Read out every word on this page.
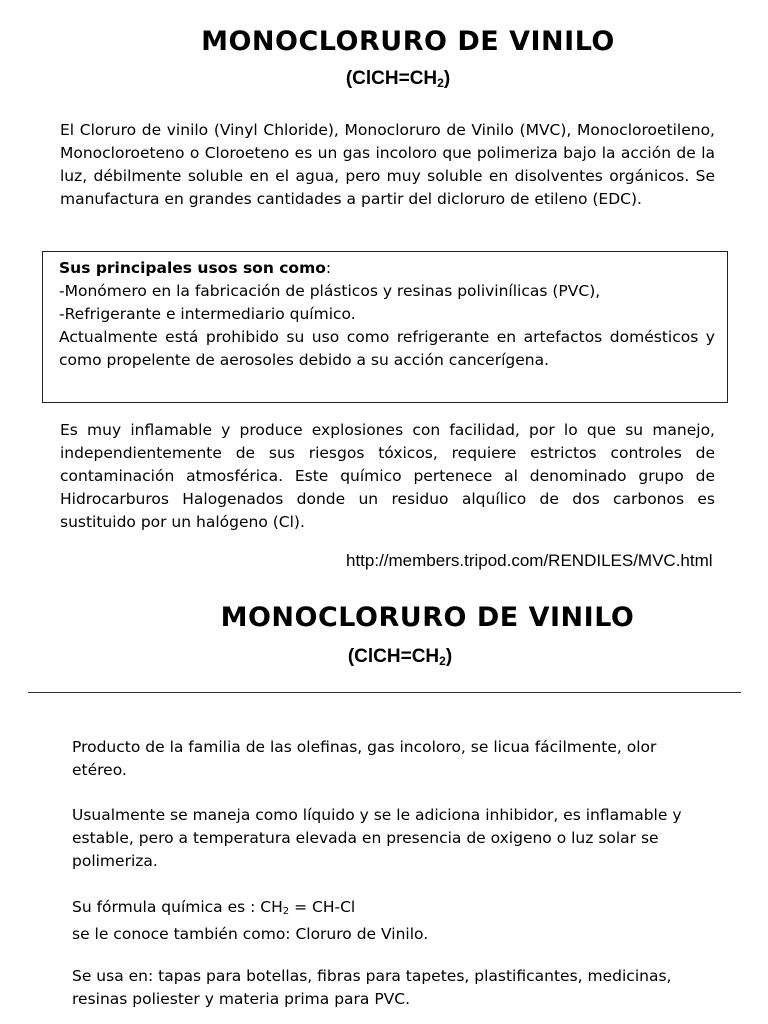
MONOCLORURO DE VINILO
$(ClCH=CH_2)$
El Cloruro de vinilo (Vinyl Chloride), Monocloruro de Vinilo (MVC), Monocloroetileno, Monocloroeteno o Cloroeteno es un gas incoloro que polimeriza bajo la acción de la luz, débilmente soluble en el agua, pero muy soluble en disolventes orgánicos. Se manufactura en grandes cantidades a partir del dicloruro de etileno (EDC).
Sus principales usos son como:
-Monómero en la fabricación de plásticos y resinas polivinílicas (PVC),
-Refrigerante e intermediario químico.
Actualmente está prohibido su uso como refrigerante en artefactos domésticos y como propelente de aerosoles debido a su acción cancerígena.
Es muy inflamable y produce explosiones con facilidad, por lo que su manejo, independientemente de sus riesgos tóxicos, requiere estrictos controles de contaminación atmosférica. Este químico pertenece al denominado grupo de Hidrocarburos Halogenados donde un residuo alquílico de dos carbonos es sustituido por un halógeno (Cl).
http://members.tripod.com/RENDILES/MVC.html
MONOCLORURO DE VINILO
$(ClCH=CH_2)$
Producto de la familia de las olefinas, gas incoloro, se licua fácilmente, olor etéreo.
Usualmente se maneja como líquido y se le adiciona inhibidor, es inflamable y estable, pero a temperatura elevada en presencia de oxigeno o luz solar se polimeriza.
Su fórmula química es : $CH_2 = CH-Cl$
se le conoce también como: Cloruro de Vinilo.
Se usa en: tapas para botellas, fibras para tapetes, plastificantes, medicinas, resinas poliester y materia prima para PVC.
